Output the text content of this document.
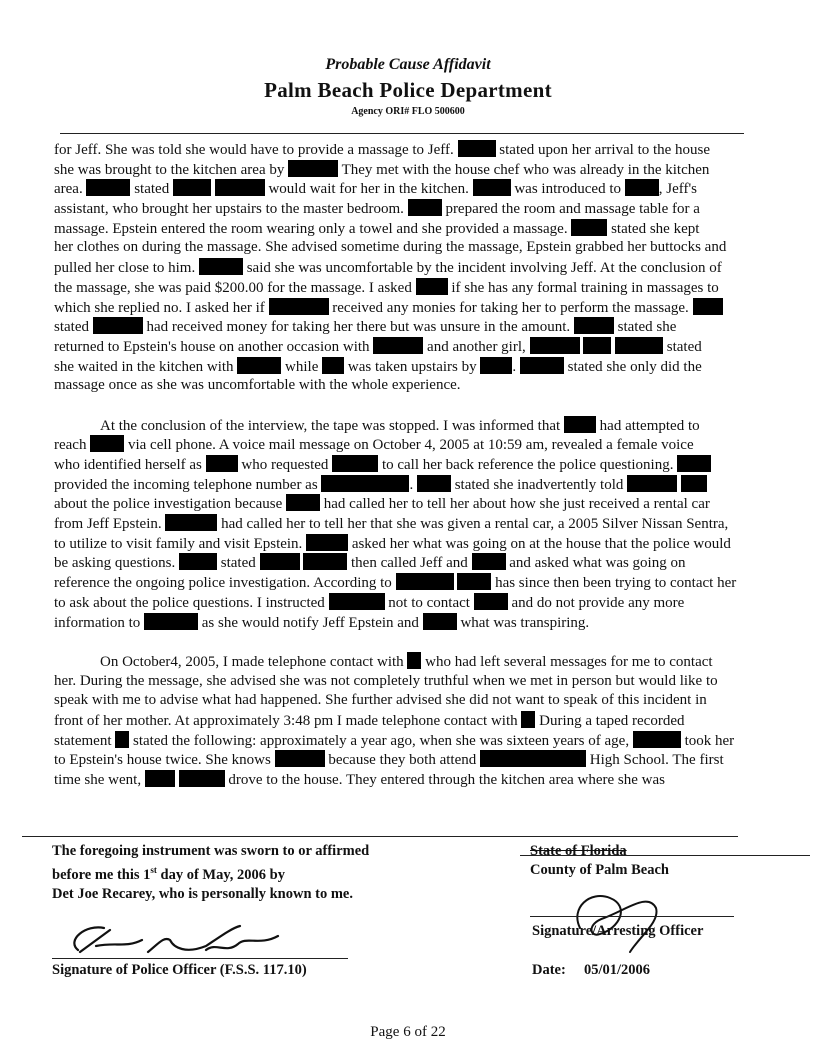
Probable Cause Affidavit
Palm Beach Police Department
Agency ORI# FLO 500600
for Jeff. She was told she would have to provide a massage to Jeff.	stated upon her arrival to the house
she was brought to the kitchen area by	They met with the house chef who was already in the kitchen
area.	stated	would wait for her in the kitchen.	was introduced to , Jeff's
assistant, who brought her upstairs to the master bedroom.  prepared the room and massage table for a
massage. Epstein entered the room wearing only a towel and she provided a massage.  stated she kept
her clothes on during the massage. She advised sometime during the massage, Epstein grabbed her buttocks and
pulled her close to him.	said she was uncomfortable by the incident involving Jeff. At the conclusion of
the massage, she was paid $200.00 for the massage. I asked  if she has any formal training in massages to
which she replied no. I asked her if	received any monies for taking her to perform the massage.
stated	had received money for taking her there but was unsure in the amount.	stated she
returned to Epstein's house on another occasion with	and another girl,	stated
she waited in the kitchen with	while  was taken upstairs by .	stated she only did the
massage once as she was uncomfortable with the whole experience.
At the conclusion of the interview, the tape was stopped. I was informed that  had attempted to
reach  via cell phone. A voice mail message on October 4, 2005 at 10:59 am, revealed a female voice
who identified herself as  who requested	to call her back reference the police questioning.
provided the incoming telephone number as	.  stated she inadvertently told
about the police investigation because  had called her to tell her about how she just received a rental car
from Jeff Epstein.	had called her to tell her that she was given a rental car, a 2005 Silver Nissan Sentra,
to utilize to visit family and visit Epstein.	asked her what was going on at the house that the police would
be asking questions.	stated	then called Jeff and  and asked what was going on
reference the ongoing police investigation. According to	has since then been trying to contact her
to ask about the police questions. I instructed	not to contact  and do not provide any more
information to	as she would notify Jeff Epstein and  what was transpiring.
On October4, 2005, I made telephone contact with  who had left several messages for me to contact
her. During the message, she advised she was not completely truthful when we met in person but would like to
speak with me to advise what had happened. She further advised she did not want to speak of this incident in
front of her mother. At approximately 3:48 pm I made telephone contact with  During a taped recorded
statement  stated the following: approximately a year ago, when she was sixteen years of age,	took her
to Epstein's house twice. She knows	because they both attend	High School. The first
time she went,	drove to the house. They entered through the kitchen area where she was
The foregoing instrument was sworn to or affirmed
before me this 1st day of May, 2006 by
Det Joe Recarey, who is personally known to me.
Signature of Police Officer (F.S.S. 117.10)
State of Florida
County of Palm Beach
Signature/Arresting Officer
Date: 05/01/2006
Page 6 of 22
